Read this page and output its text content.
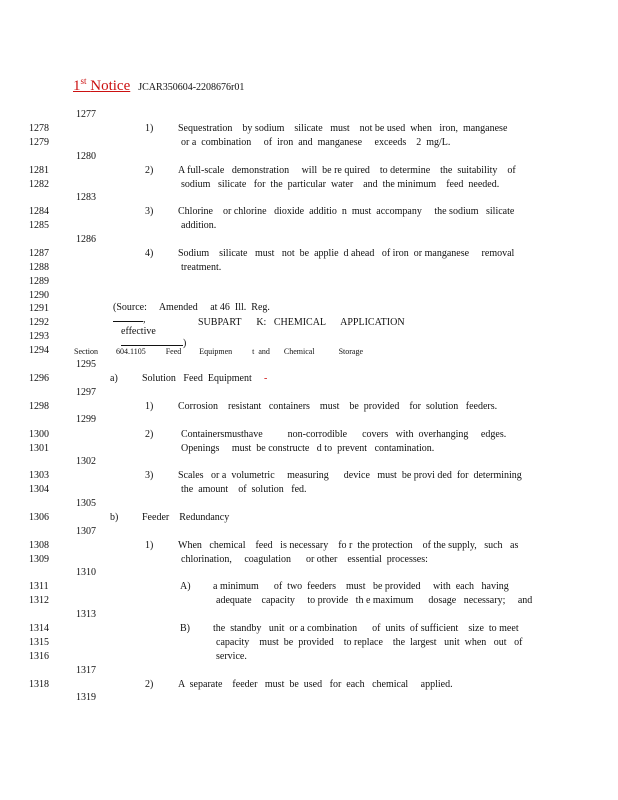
1st Notice JCAR350604-2208676r01
1277
1278
1279
1280
1281
1282
1283
1284
1285
1286
1287
1288
1289
1290
1291
1292
1293
1294
1295
1296
1297
1298
1299
1300
1301
1302
1303
1304
1305
1306
1307
1308
1309
1310
1311
1312
1313
1314
1315
1316
1317
1318
1319
1) Sequestration    by sodium    silicate   must    not be used  when   iron,  manganese
or a  combination     of  iron  and  manganese     exceeds    2  mg/L.
2) A full-scale   demonstration     will  be re quired    to determine    the  suitability    of
sodium   silicate   for  the  particular  water    and  the minimum    feed  needed.
3) Chlorine    or chlorine   dioxide  additio  n  must  accompany     the sodium   silicate
addition.
4) Sodium    silicate   must   not  be  applie  d ahead   of iron  or manganese     removal
treatment.

(Source:     Amended     at 46  Ill.  Reg.
,
effective
)

SUBPART      K:   CHEMICAL      APPLICATION
Section         604.1105          Feed         Equipmen          t  and       Chemical            Storage
a) Solution   Feed  Equipment -
1) Corrosion    resistant   containers    must    be  provided    for  solution   feeders.
2)	Containersmusthave          non-corrodible      covers   with  overhanging     edges.
Openings     must  be constructe   d to  prevent   contamination.
3) Scales   or a  volumetric     measuring      device   must  be provi ded  for  determining
the  amount    of  solution   fed.
b) Feeder    Redundancy
1) When   chemical    feed   is necessary    fo r  the protection    of the supply,   such   as
chlorination,     coagulation      or other    essential  processes:
A) a minimum      of  two  feeders    must   be provided     with  each   having
adequate    capacity     to provide   th e maximum      dosage   necessary;     and
B) the  standby   unit  or a combination      of  units  of sufficient    size  to meet
capacity    must  be  provided    to replace    the  largest   unit  when   out   of
service.
2) A  separate    feeder   must  be  used   for  each   chemical     applied.
